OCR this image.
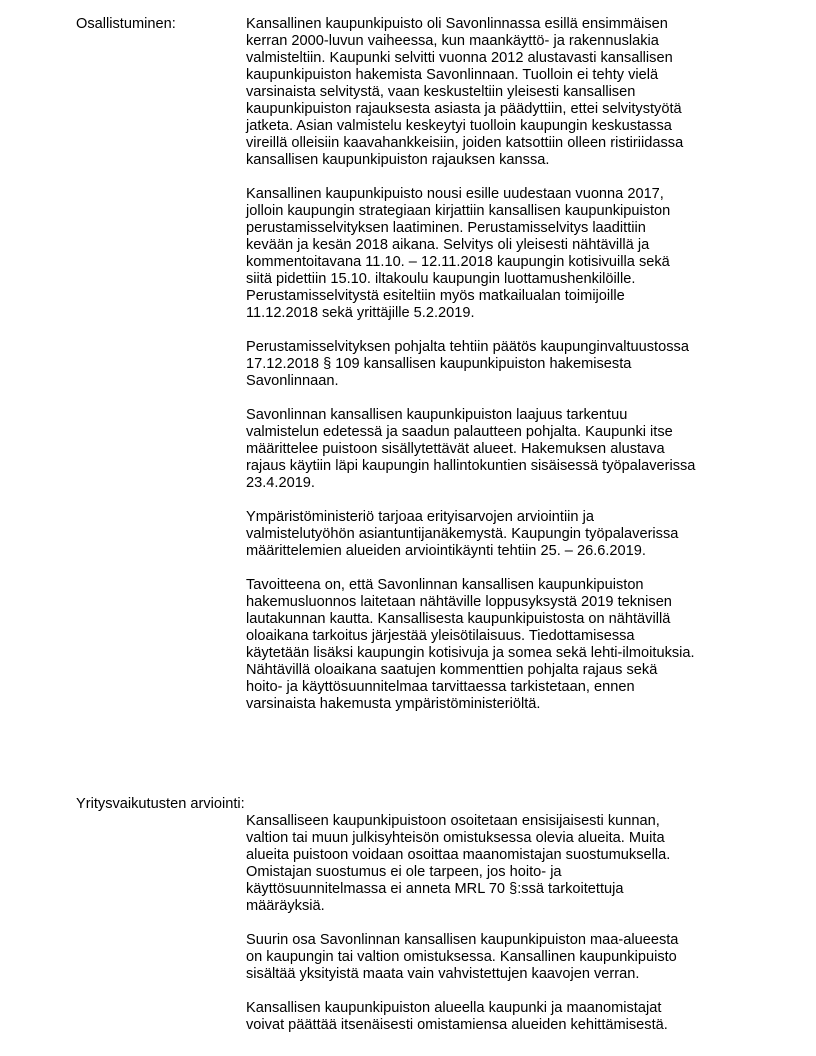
Osallistuminen:	Kansallinen kaupunkipuisto oli Savonlinnassa esillä ensimmäisen
kerran 2000-luvun vaiheessa, kun maankäyttö- ja rakennuslakia
valmisteltiin. Kaupunki selvitti vuonna 2012 alustavasti kansallisen
kaupunkipuiston hakemista Savonlinnaan. Tuolloin ei tehty vielä
varsinaista selvitystä, vaan keskusteltiin yleisesti kansallisen
kaupunkipuiston rajauksesta asiasta ja päädyttiin, ettei selvitystyötä
jatketa. Asian valmistelu keskeytyi tuolloin kaupungin keskustassa
vireillä olleisiin kaavahankkeisiin, joiden katsottiin olleen ristiriidassa
kansallisen kaupunkipuiston rajauksen kanssa.
Kansallinen kaupunkipuisto nousi esille uudestaan vuonna 2017,
jolloin kaupungin strategiaan kirjattiin kansallisen kaupunkipuiston
perustamisselvityksen laatiminen. Perustamisselvitys laadittiin
kevään ja kesän 2018 aikana. Selvitys oli yleisesti nähtävillä ja
kommentoitavana 11.10. – 12.11.2018 kaupungin kotisivuilla sekä
siitä pidettiin 15.10. iltakoulu kaupungin luottamushenkilöille.
Perustamisselvitystä esiteltiin myös matkailualan toimijoille
11.12.2018 sekä yrittäjille 5.2.2019.
Perustamisselvityksen pohjalta tehtiin päätös kaupunginvaltuustossa
17.12.2018 § 109 kansallisen kaupunkipuiston hakemisesta
Savonlinnaan.
Savonlinnan kansallisen kaupunkipuiston laajuus tarkentuu
valmistelun edetessä ja saadun palautteen pohjalta. Kaupunki itse
määrittelee puistoon sisällytettävät alueet. Hakemuksen alustava
rajaus käytiin läpi kaupungin hallintokuntien sisäisessä työpalaverissa
23.4.2019.
Ympäristöministeriö tarjoaa erityisarvojen arviointiin ja
valmistelutyöhön asiantuntijanäkemystä. Kaupungin työpalaverissa
määrittelemien alueiden arviointikäynti tehtiin 25. – 26.6.2019.
Tavoitteena on, että Savonlinnan kansallisen kaupunkipuiston
hakemusluonnos laitetaan nähtäville loppusyksystä 2019 teknisen
lautakunnan kautta. Kansallisesta kaupunkipuistosta on nähtävillä
oloaikana tarkoitus järjestää yleisötilaisuus. Tiedottamisessa
käytetään lisäksi kaupungin kotisivuja ja somea sekä lehti-ilmoituksia.
Nähtävillä oloaikana saatujen kommenttien pohjalta rajaus sekä
hoito- ja käyttösuunnitelmaa tarvittaessa tarkistetaan, ennen
varsinaista hakemusta ympäristöministeriöltä.
Yritysvaikutusten arviointi:
Kansalliseen kaupunkipuistoon osoitetaan ensisijaisesti kunnan,
valtion tai muun julkisyhteisön omistuksessa olevia alueita. Muita
alueita puistoon voidaan osoittaa maanomistajan suostumuksella.
Omistajan suostumus ei ole tarpeen, jos hoito- ja
käyttösuunnitelmassa ei anneta MRL 70 §:ssä tarkoitettuja
määräyksiä.
Suurin osa Savonlinnan kansallisen kaupunkipuiston maa-alueesta
on kaupungin tai valtion omistuksessa. Kansallinen kaupunkipuisto
sisältää yksityistä maata vain vahvistettujen kaavojen verran.
Kansallisen kaupunkipuiston alueella kaupunki ja maanomistajat
voivat päättää itsenäisesti omistamiensa alueiden kehittämisestä.
